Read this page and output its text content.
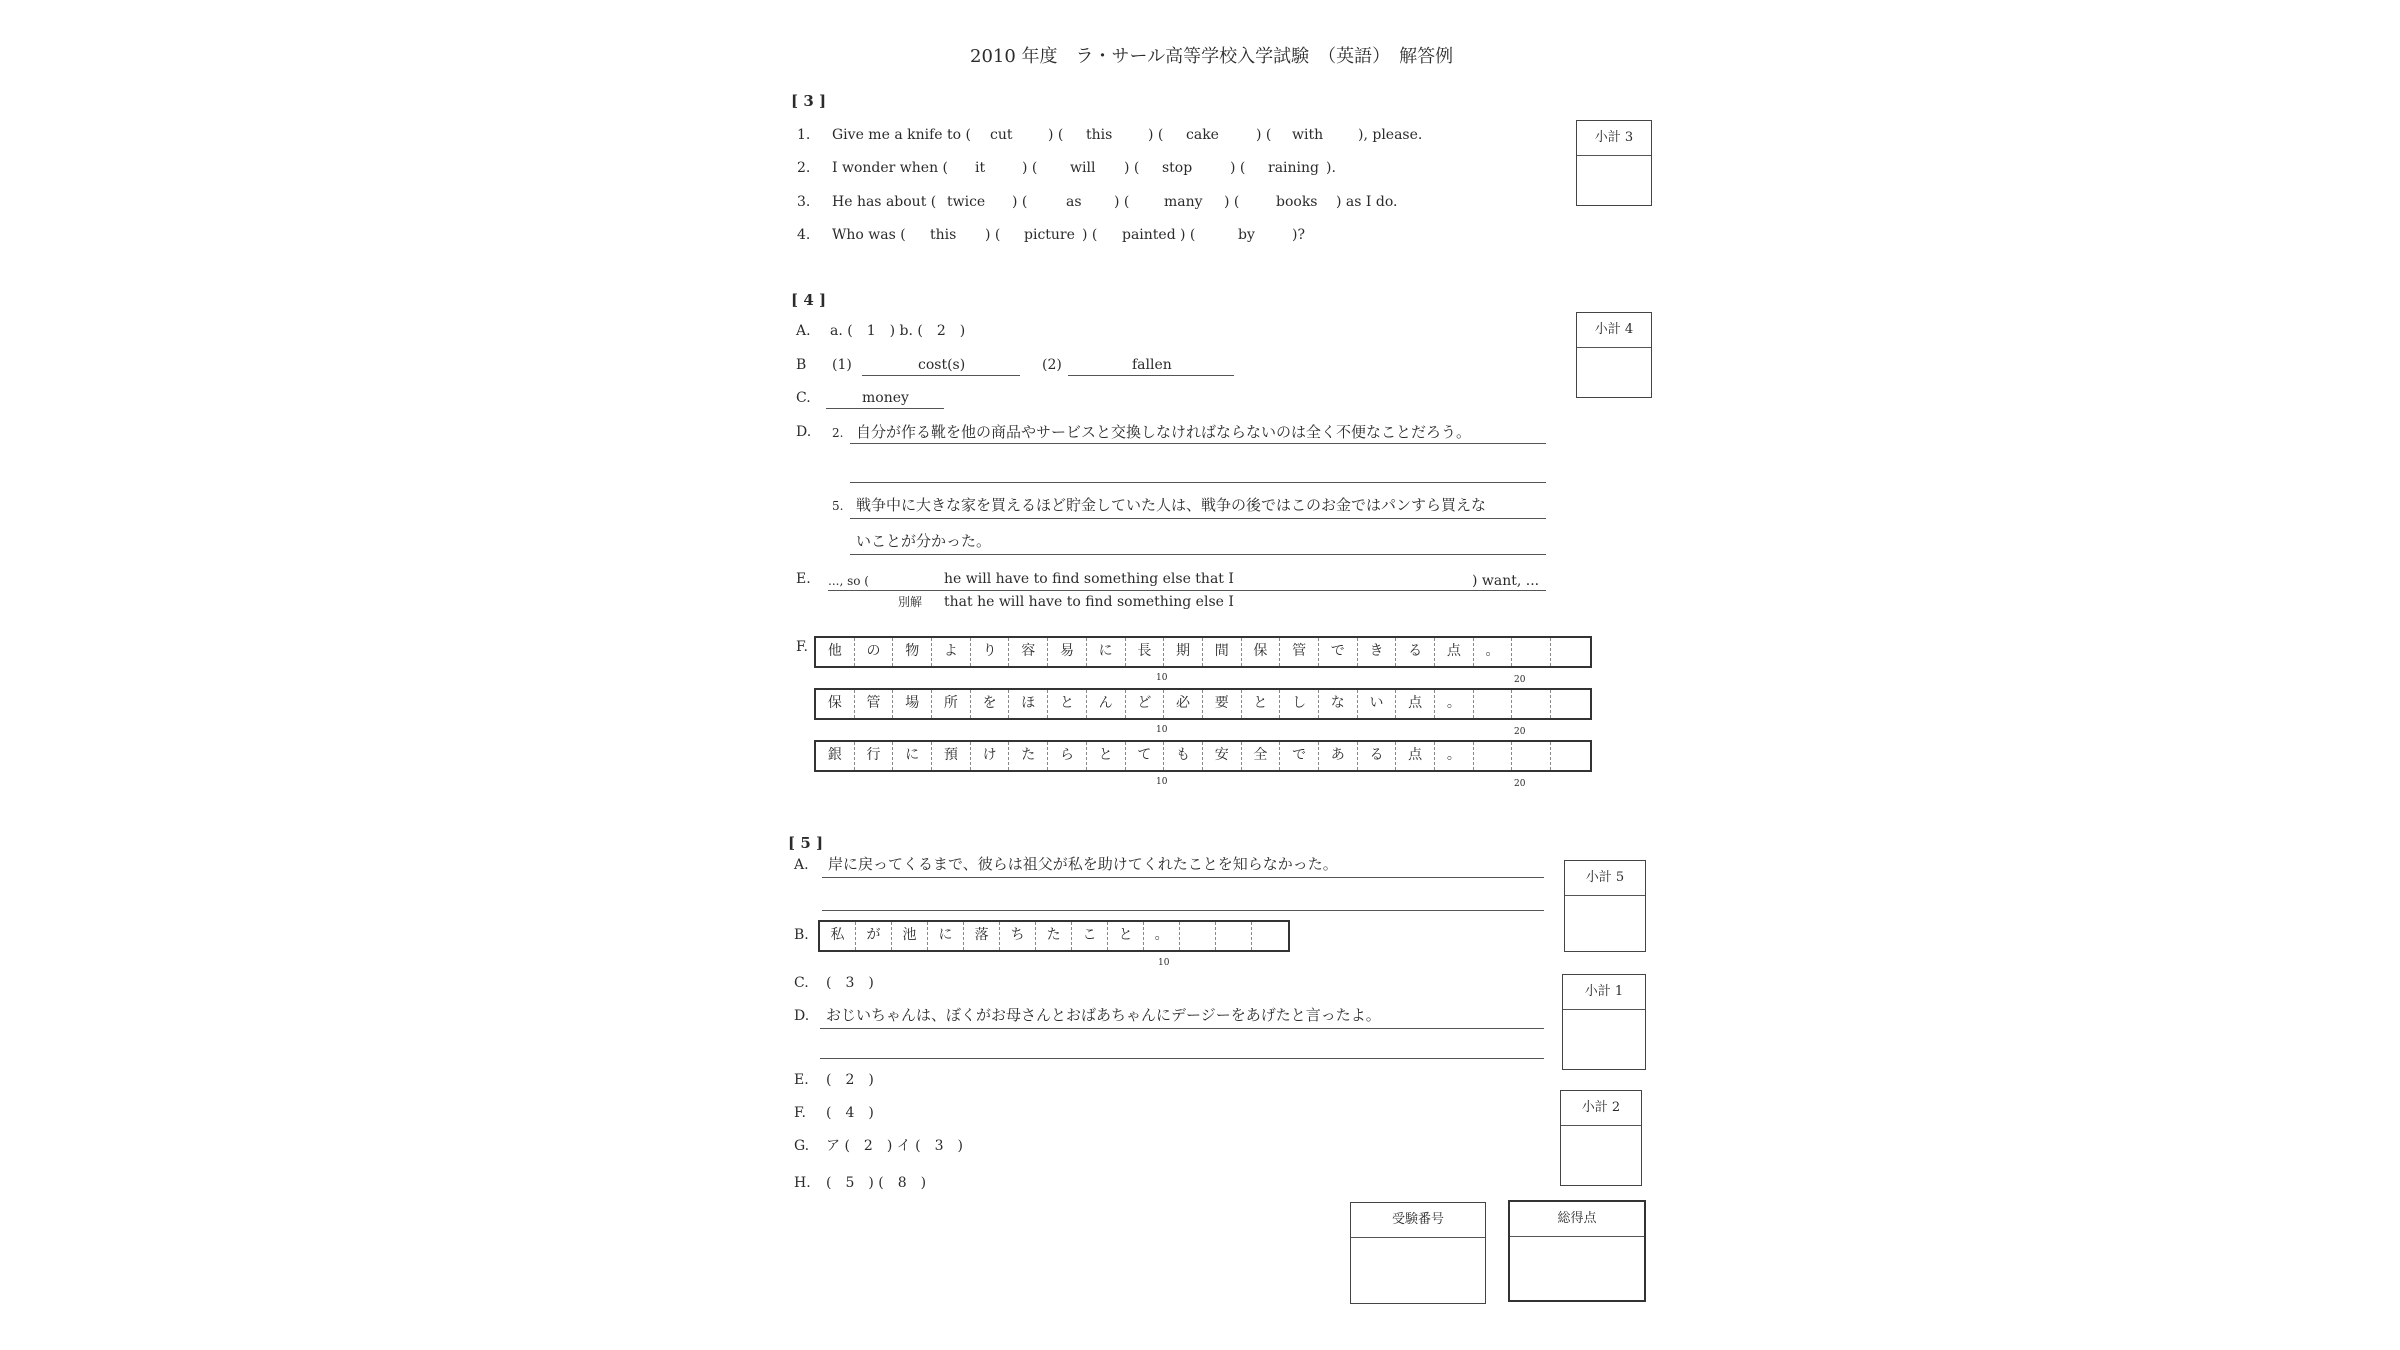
2010 年度　ラ・サール高等学校入学試験　（英語）　解答例
[ 3 ]
1. Give me a knife to ( cut	) ( this	) ( cake	) ( with ), please.
2. I wonder when ( it	) ( will ) ( stop	) ( raining ).
3. He has about ( twice ) (	as ) ( many ) (	books ) as I do.
4. Who was ( this ) ( picture ) ( painted ) (	by	)?
小計 3
[ 4 ]
A. a. (　1　) b. (　2　)
B (1)	cost(s)	(2)	fallen
C.	money
D. 2. 自分が作る靴を他の商品やサービスと交換しなければならないのは全く不便なことだろう。
5. 戦争中に大きな家を買えるほど貯金していた人は、戦争の後ではこのお金ではパンすら買えな
いことが分かった。
E. ..., so (	he will have to find something else that I	) want, ...
別解 that he will have to find something else I
F.	他	の	物	よ	り	容	易	に	長	期	間	保	管	で	き	る	点	。
10	20
保	管	場	所	を	ほ	と	ん	ど	必	要	と	し	な	い	点	。
10	20
銀	行	に	預	け	た	ら	と	て	も	安	全	で	あ	る	点	。
10	20
小計 4
[ 5 ]
A. 岸に戻ってくるまで、彼らは祖父が私を助けてくれたことを知らなかった。
B.	私	が	池	に	落	ち	た	こ	と	。
10
C. (　3　)
D. おじいちゃんは、ぼくがお母さんとおばあちゃんにデージーをあげたと言ったよ。
E. (　2　)
F. (　4　)
G. ア (　2　) イ (　3　)
H. (　5　) (　8　)
小計 5
小計 1
小計 2
受験番号	総得点
